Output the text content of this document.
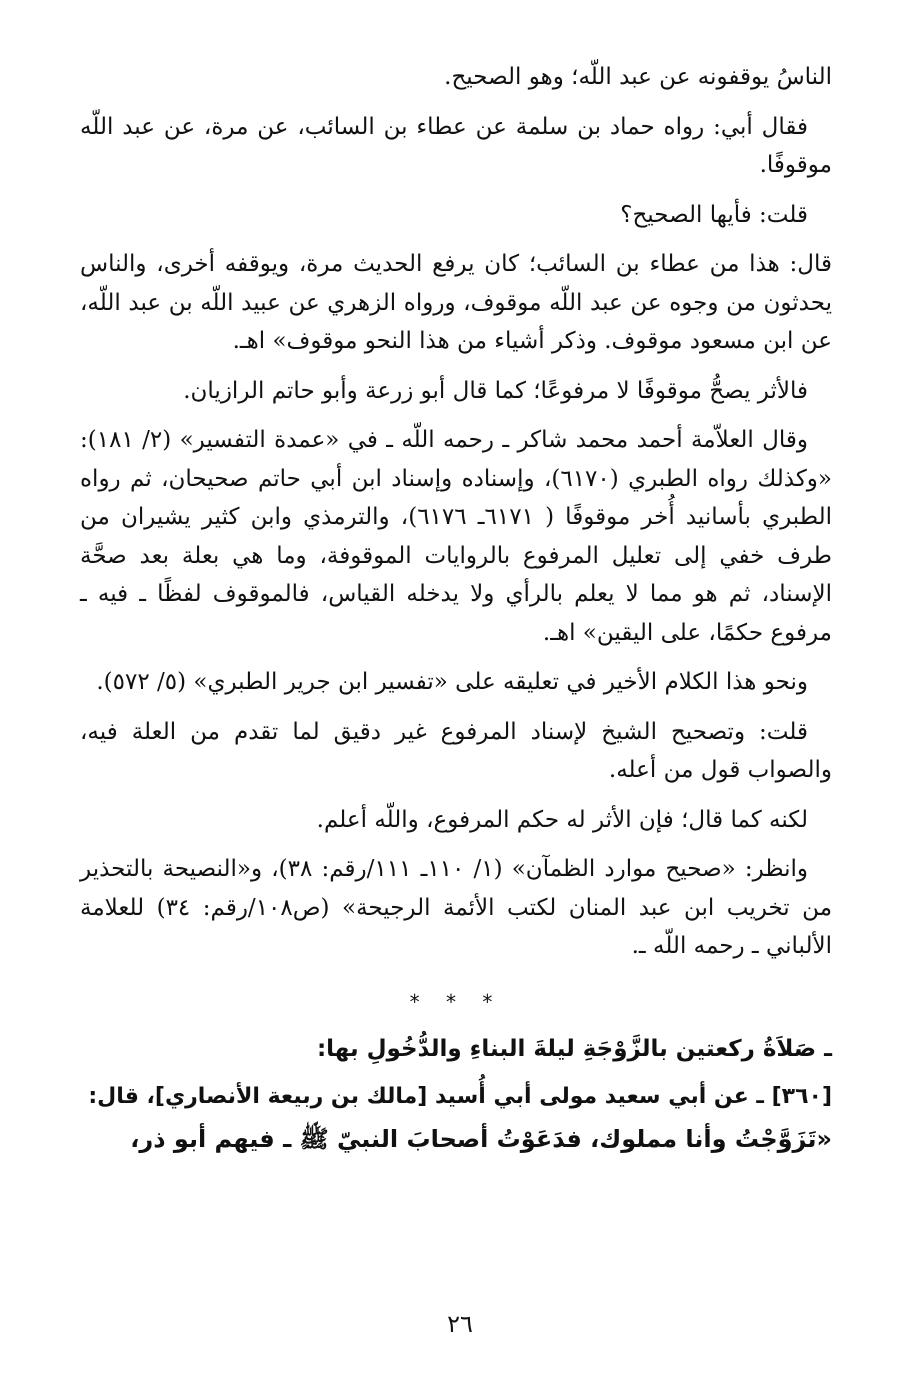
الناسُ يوقفونه عن عبد اللّه؛ وهو الصحيح.

فقال أبي: رواه حماد بن سلمة عن عطاء بن السائب، عن مرة، عن عبد اللّه موقوفًا.

قلت: فأيها الصحيح؟

قال: هذا من عطاء بن السائب؛ كان يرفع الحديث مرة، ويوقفه أخرى، والناس يحدثون من وجوه عن عبد اللّه موقوف، ورواه الزهري عن عبيد اللّه بن عبد اللّه، عن ابن مسعود موقوف. وذكر أشياء من هذا النحو موقوف» اهـ.

فالأثر يصحُّ موقوفًا لا مرفوعًا؛ كما قال أبو زرعة وأبو حاتم الرازيان.

وقال العلاّمة أحمد محمد شاكر ـ رحمه اللّه ـ في «عمدة التفسير» (٢/ ١٨١): «وكذلك رواه الطبري (٦١٧٠)، وإسناده وإسناد ابن أبي حاتم صحيحان، ثم رواه الطبري بأسانيد أُخر موقوفًا ( ٦١٧١ـ ٦١٧٦)، والترمذي وابن كثير يشيران من طرف خفي إلى تعليل المرفوع بالروايات الموقوفة، وما هي بعلة بعد صحَّة الإسناد، ثم هو مما لا يعلم بالرأي ولا يدخله القياس، فالموقوف لفظًا ـ فيه ـ مرفوع حكمًا، على اليقين» اهـ.

ونحو هذا الكلام الأخير في تعليقه على «تفسير ابن جرير الطبري» (٥/ ٥٧٢).

قلت: وتصحيح الشيخ لإسناد المرفوع غير دقيق لما تقدم من العلة فيه، والصواب قول من أعله.

لكنه كما قال؛ فإن الأثر له حكم المرفوع، واللّه أعلم.

وانظر: «صحيح موارد الظمآن» (١/ ١١٠ـ ١١١/رقم: ٣٨)، و«النصيحة بالتحذير من تخريب ابن عبد المنان لكتب الأئمة الرجيحة» (ص١٠٨/رقم: ٣٤) للعلامة الألباني ـ رحمه اللّه ـ.

* * *
ـ صَلاَةُ ركعتين بالزَّوْجَةِ ليلةَ البناءِ والدُّخُولِ بها:

[٣٦٠] ـ عن أبي سعيد مولى أبي أُسيد [مالك بن ربيعة الأنصاري]، قال:

«تَزَوَّجْتُ وأنا مملوك، فدَعَوْتُ أصحابَ النبيّ ﷺ ـ فيهم أبو ذر،

٢٦
